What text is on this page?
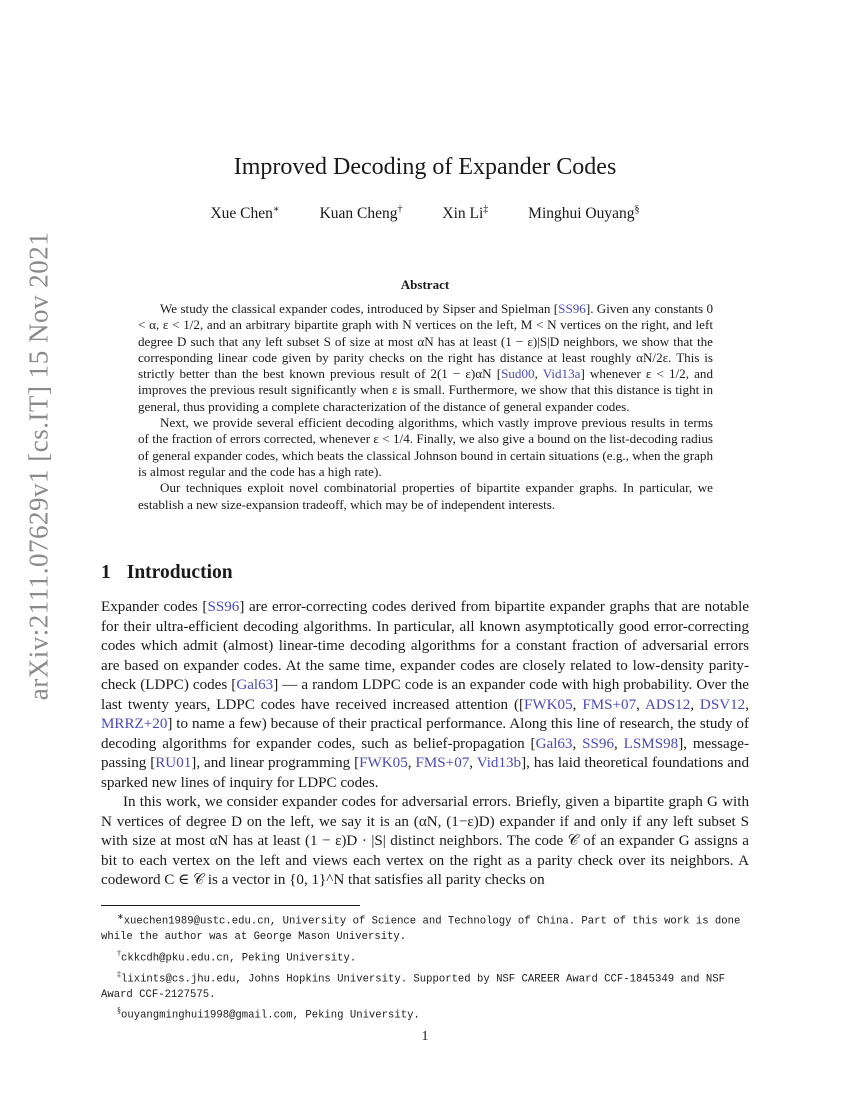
arXiv:2111.07629v1 [cs.IT] 15 Nov 2021
Improved Decoding of Expander Codes
Xue Chen∗	Kuan Cheng†	Xin Li‡	Minghui Ouyang§
Abstract

We study the classical expander codes, introduced by Sipser and Spielman [SS96]. Given any constants 0 < α, ε < 1/2, and an arbitrary bipartite graph with N vertices on the left, M < N vertices on the right, and left degree D such that any left subset S of size at most αN has at least (1 − ε)|S|D neighbors, we show that the corresponding linear code given by parity checks on the right has distance at least roughly αN/2ε. This is strictly better than the best known previous result of 2(1 − ε)αN [Sud00, Vid13a] whenever ε < 1/2, and improves the previous result significantly when ε is small. Furthermore, we show that this distance is tight in general, thus providing a complete characterization of the distance of general expander codes.

Next, we provide several efficient decoding algorithms, which vastly improve previous results in terms of the fraction of errors corrected, whenever ε < 1/4. Finally, we also give a bound on the list-decoding radius of general expander codes, which beats the classical Johnson bound in certain situations (e.g., when the graph is almost regular and the code has a high rate).

Our techniques exploit novel combinatorial properties of bipartite expander graphs. In particular, we establish a new size-expansion tradeoff, which may be of independent interests.

1 Introduction

Expander codes [SS96] are error-correcting codes derived from bipartite expander graphs that are notable for their ultra-efficient decoding algorithms. In particular, all known asymptotically good error-correcting codes which admit (almost) linear-time decoding algorithms for a constant fraction of adversarial errors are based on expander codes. At the same time, expander codes are closely related to low-density parity-check (LDPC) codes [Gal63] — a random LDPC code is an expander code with high probability. Over the last twenty years, LDPC codes have received increased attention ([FWK05, FMS+07, ADS12, DSV12, MRRZ+20] to name a few) because of their practical performance. Along this line of research, the study of decoding algorithms for expander codes, such as belief-propagation [Gal63, SS96, LSMS98], message-passing [RU01], and linear programming [FWK05, FMS+07, Vid13b], has laid theoretical foundations and sparked new lines of inquiry for LDPC codes.

In this work, we consider expander codes for adversarial errors. Briefly, given a bipartite graph G with N vertices of degree D on the left, we say it is an (αN, (1−ε)D) expander if and only if any left subset S with size at most αN has at least (1 − ε)D · |S| distinct neighbors. The code 𝒞 of an expander G assigns a bit to each vertex on the left and views each vertex on the right as a parity check over its neighbors. A codeword C ∈ 𝒞 is a vector in {0, 1}^N that satisfies all parity checks on

∗xuechen1989@ustc.edu.cn, University of Science and Technology of China. Part of this work is done while the author was at George Mason University.

†ckkcdh@pku.edu.cn, Peking University.

‡lixints@cs.jhu.edu, Johns Hopkins University. Supported by NSF CAREER Award CCF-1845349 and NSF Award CCF-2127575.

§ouyangminghui1998@gmail.com, Peking University.

1
